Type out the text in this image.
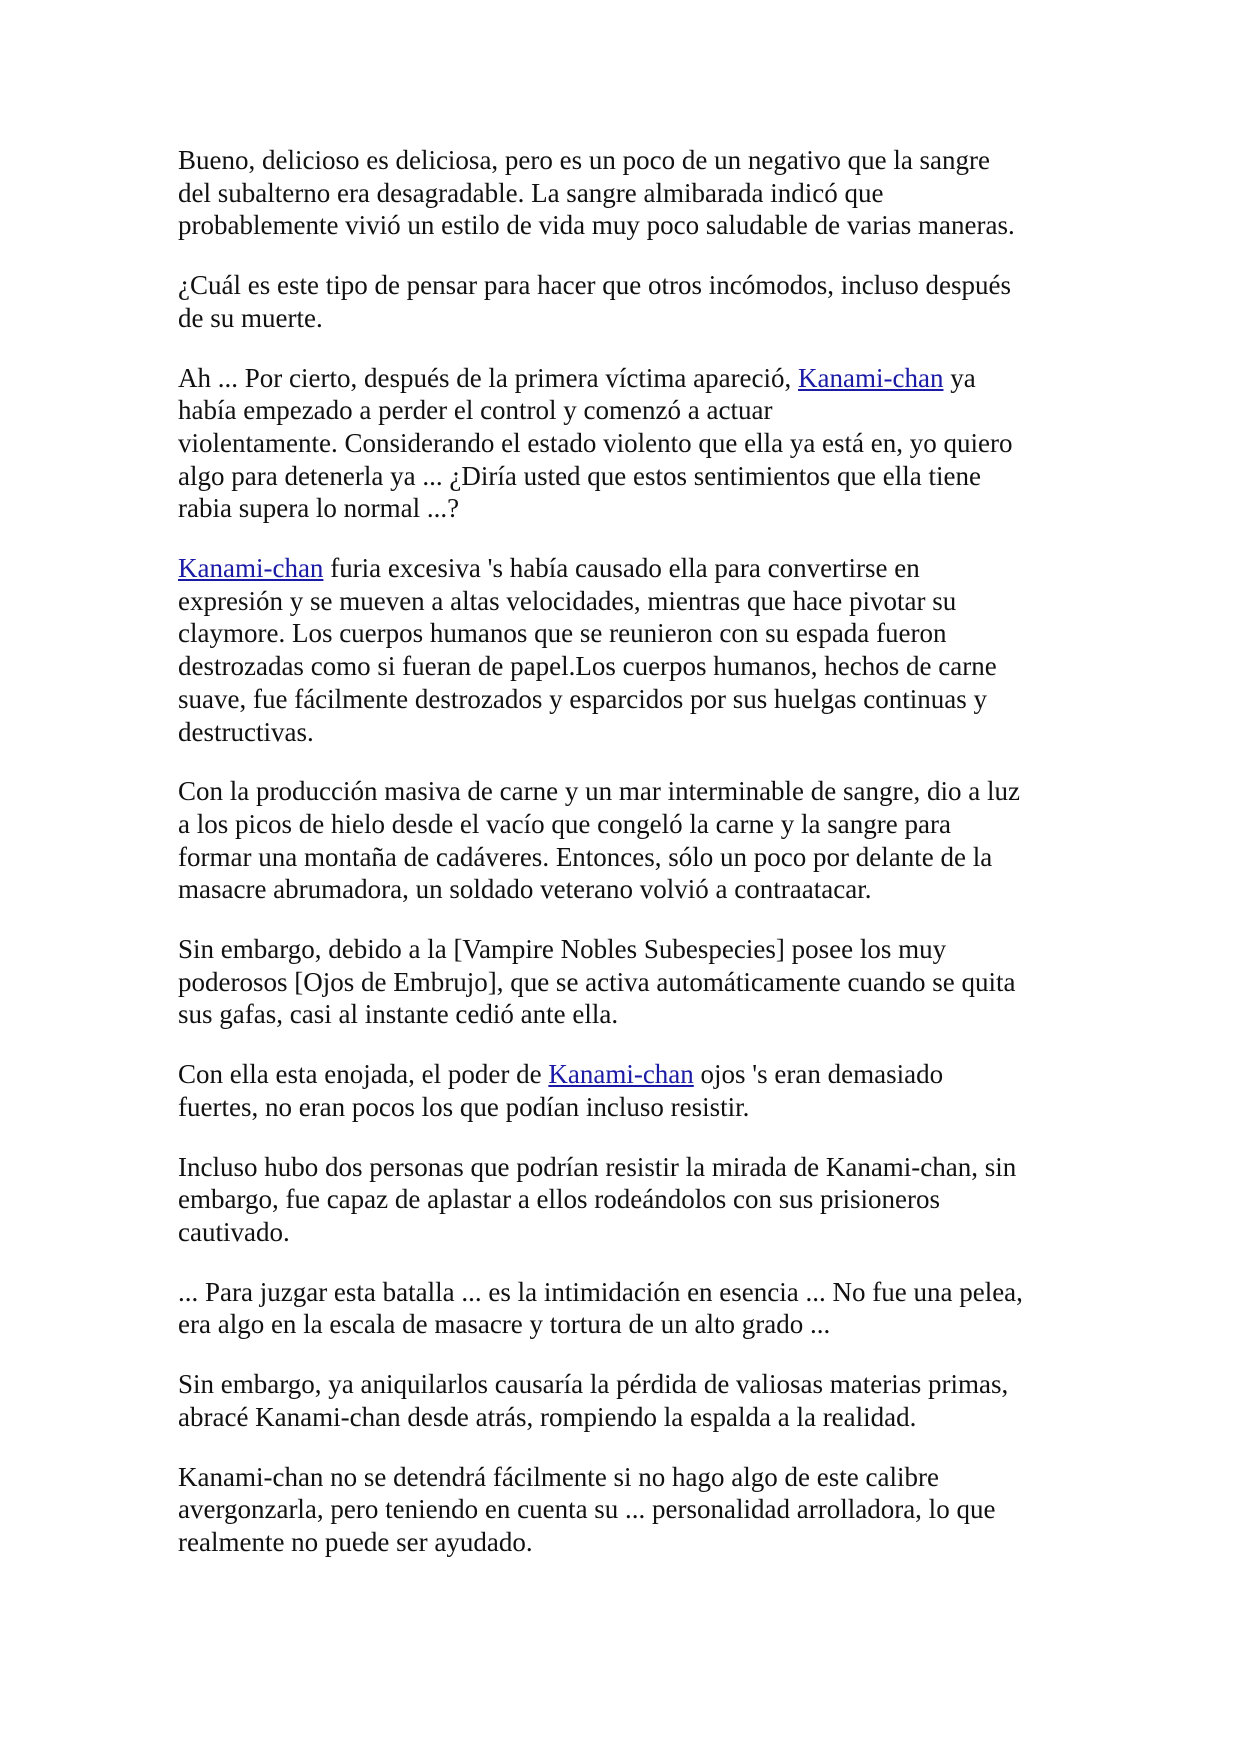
Bueno, delicioso es deliciosa, pero es un poco de un negativo que la sangre
del subalterno era desagradable. La sangre almibarada indicó que
probablemente vivió un estilo de vida muy poco saludable de varias maneras.

¿Cuál es este tipo de pensar para hacer que otros incómodos, incluso después
de su muerte.

Ah ... Por cierto, después de la primera víctima apareció, Kanami-chan ya
había empezado a perder el control y comenzó a actuar
violentamente. Considerando el estado violento que ella ya está en, yo quiero
algo para detenerla ya ... ¿Diría usted que estos sentimientos que ella tiene
rabia supera lo normal ...?

Kanami-chan furia excesiva 's había causado ella para convertirse en
expresión y se mueven a altas velocidades, mientras que hace pivotar su
claymore. Los cuerpos humanos que se reunieron con su espada fueron
destrozadas como si fueran de papel.Los cuerpos humanos, hechos de carne
suave, fue fácilmente destrozados y esparcidos por sus huelgas continuas y
destructivas.

Con la producción masiva de carne y un mar interminable de sangre, dio a luz
a los picos de hielo desde el vacío que congeló la carne y la sangre para
formar una montaña de cadáveres. Entonces, sólo un poco por delante de la
masacre abrumadora, un soldado veterano volvió a contraatacar.

Sin embargo, debido a la [Vampire Nobles Subespecies] posee los muy
poderosos [Ojos de Embrujo], que se activa automáticamente cuando se quita
sus gafas, casi al instante cedió ante ella.

Con ella esta enojada, el poder de Kanami-chan ojos 's eran demasiado
fuertes, no eran pocos los que podían incluso resistir.

Incluso hubo dos personas que podrían resistir la mirada de Kanami-chan, sin
embargo, fue capaz de aplastar a ellos rodeándolos con sus prisioneros
cautivado.

... Para juzgar esta batalla ... es la intimidación en esencia ... No fue una pelea,
era algo en la escala de masacre y tortura de un alto grado ...

Sin embargo, ya aniquilarlos causaría la pérdida de valiosas materias primas,
abracé Kanami-chan desde atrás, rompiendo la espalda a la realidad.

Kanami-chan no se detendrá fácilmente si no hago algo de este calibre
avergonzarla, pero teniendo en cuenta su ... personalidad arrolladora, lo que
realmente no puede ser ayudado.
